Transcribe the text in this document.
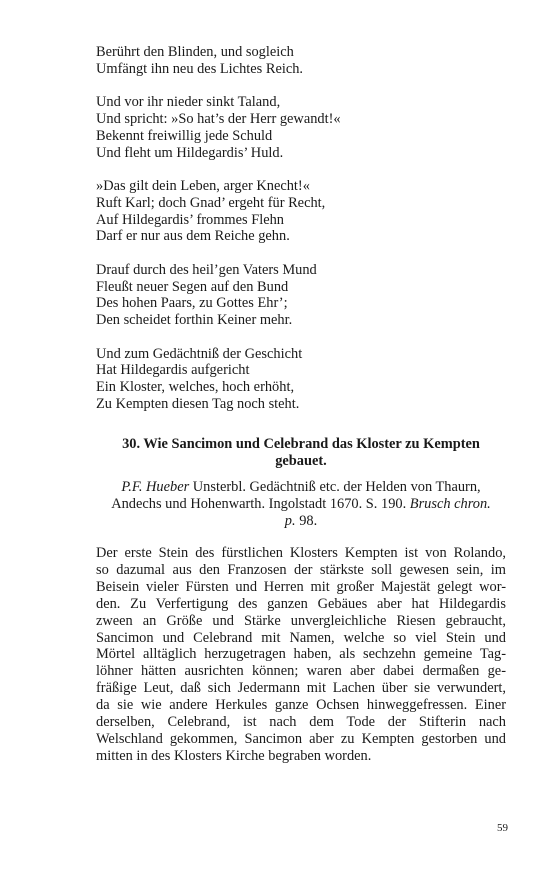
Berührt den Blinden, und sogleich
Umfängt ihn neu des Lichtes Reich.
Und vor ihr nieder sinkt Taland,
Und spricht: »So hat’s der Herr gewandt!«
Bekennt freiwillig jede Schuld
Und fleht um Hildegardis’ Huld.
»Das gilt dein Leben, arger Knecht!«
Ruft Karl; doch Gnad’ ergeht für Recht,
Auf Hildegardis’ frommes Flehn
Darf er nur aus dem Reiche gehn.
Drauf durch des heil’gen Vaters Mund
Fleußt neuer Segen auf den Bund
Des hohen Paars, zu Gottes Ehr’;
Den scheidet forthin Keiner mehr.
Und zum Gedächtniß der Geschicht
Hat Hildegardis aufgericht
Ein Kloster, welches, hoch erhöht,
Zu Kempten diesen Tag noch steht.
30. Wie Sancimon und Celebrand das Kloster zu Kempten
gebauet.
P.F. Hueber Unsterbl. Gedächtniß etc. der Helden von Thaurn,
Andechs und Hohenwarth. Ingolstadt 1670. S. 190. Brusch chron.
p. 98.
Der erste Stein des fürstlichen Klosters Kempten ist von Rolando,
so dazumal aus den Franzosen der stärkste soll gewesen sein, im
Beisein vieler Fürsten und Herren mit großer Majestät gelegt wor-
den. Zu Verfertigung des ganzen Gebäues aber hat Hildegardis
zween an Größe und Stärke unvergleichliche Riesen gebraucht,
Sancimon und Celebrand mit Namen, welche so viel Stein und
Mörtel alltäglich herzugetragen haben, als sechzehn gemeine Tag-
löhner hätten ausrichten können; waren aber dabei dermaßen ge-
fräßige Leut, daß sich Jedermann mit Lachen über sie verwundert,
da sie wie andere Herkules ganze Ochsen hinweggefressen. Einer
derselben, Celebrand, ist nach dem Tode der Stifterin nach
Welschland gekommen, Sancimon aber zu Kempten gestorben und
mitten in des Klosters Kirche begraben worden.
59
